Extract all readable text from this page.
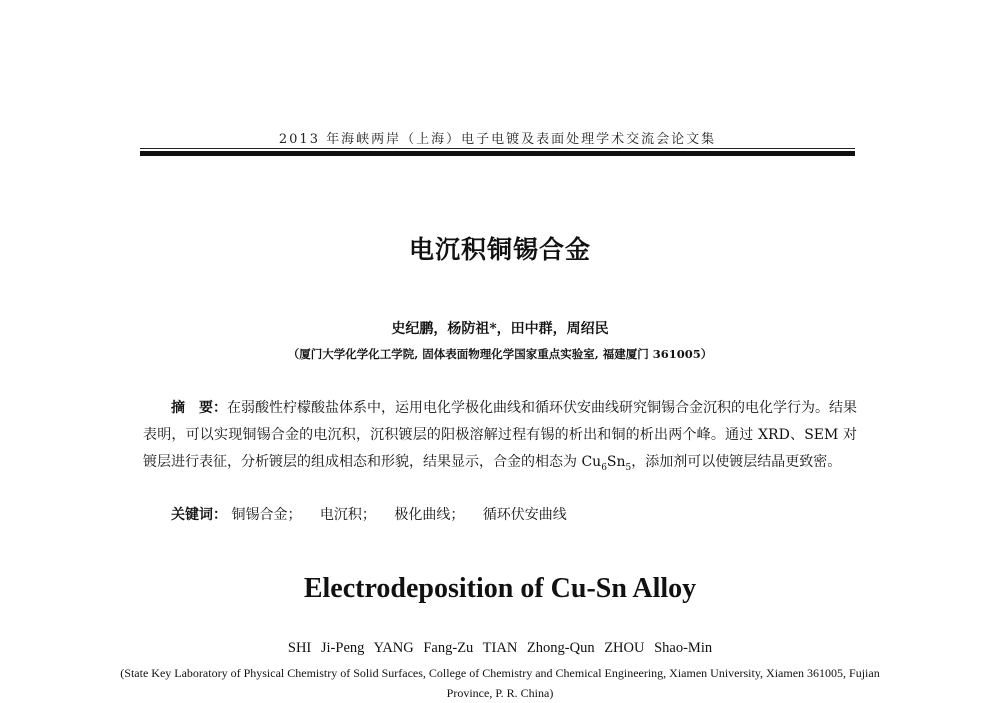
2013 年海峡两岸（上海）电子电镀及表面处理学术交流会论文集
电沉积铜锡合金
史纪鹏，杨防祖*，田中群，周绍民
（厦门大学化学化工学院, 固体表面物理化学国家重点实验室, 福建厦门 361005）
摘　要：在弱酸性柠檬酸盐体系中，运用电化学极化曲线和循环伏安曲线研究铜锡合金沉积的电化学行为。结果表明，可以实现铜锡合金的电沉积，沉积镀层的阳极溶解过程有锡的析出和铜的析出两个峰。通过 XRD、SEM 对镀层进行表征，分析镀层的组成相态和形貌，结果显示，合金的相态为 $Cu_6Sn_5$，添加剂可以使镀层结晶更致密。
关键词： 铜锡合金； 电沉积； 极化曲线； 循环伏安曲线
Electrodeposition of Cu-Sn Alloy
SHI Ji-Peng YANG Fang-Zu TIAN Zhong-Qun ZHOU Shao-Min
(State Key Laboratory of Physical Chemistry of Solid Surfaces, College of Chemistry and Chemical Engineering, Xiamen University, Xiamen 361005, Fujian Province, P. R. China)
